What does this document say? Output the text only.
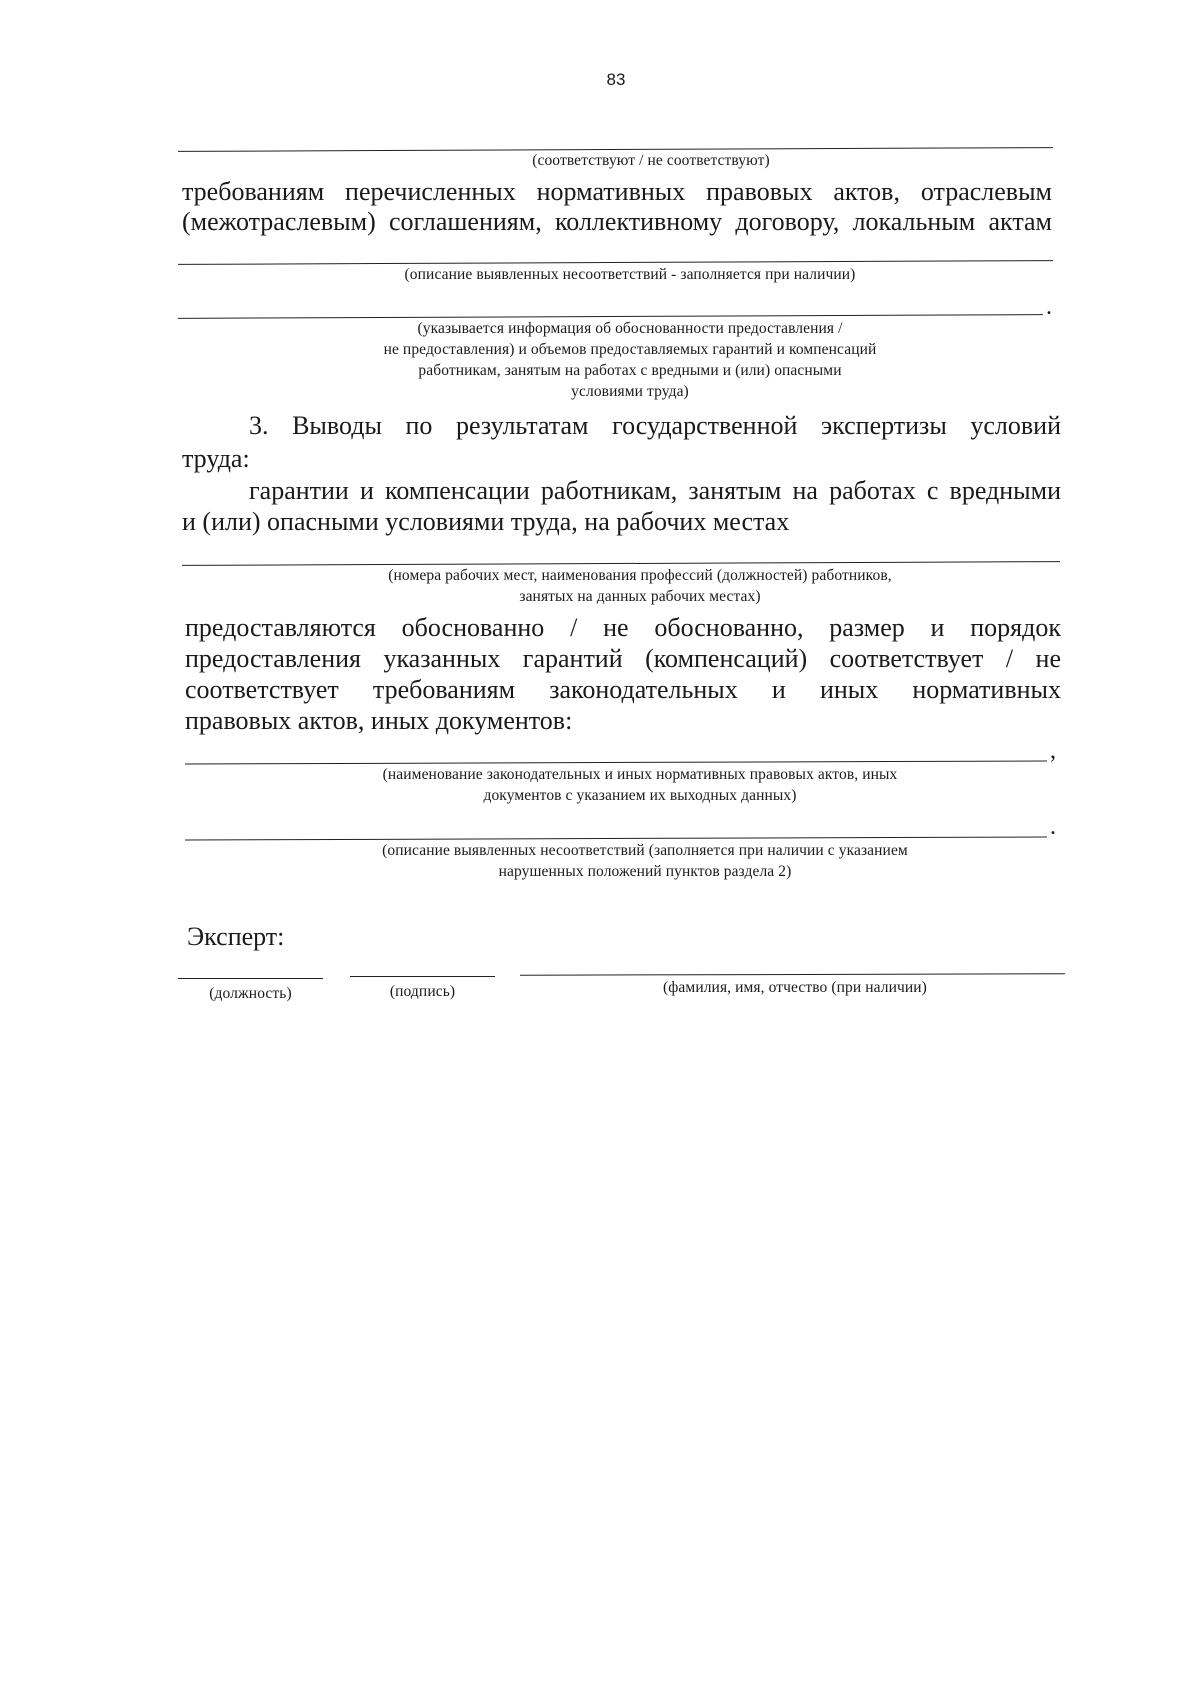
83
(соответствуют / не соответствуют)
требованиям перечисленных нормативных правовых актов, отраслевым
(межотраслевым) соглашениям, коллективному договору, локальным актам
(описание выявленных несоответствий - заполняется при наличии)
.
(указывается информация об обоснованности предоставления /
не предоставления) и объемов предоставляемых гарантий и компенсаций
работникам, занятым на работах с вредными и (или) опасными
условиями труда)
3. Выводы по результатам государственной экспертизы условий
труда:
гарантии и компенсации работникам, занятым на работах с вредными
и (или) опасными условиями труда, на рабочих местах
(номера рабочих мест, наименования профессий (должностей) работников,
занятых на данных рабочих местах)
предоставляются обоснованно / не обоснованно, размер и порядок
предоставления указанных гарантий (компенсаций) соответствует / не
соответствует требованиям законодательных и иных нормативных
правовых актов, иных документов:
,
(наименование законодательных и иных нормативных правовых актов, иных
документов с указанием их выходных данных)
.
(описание выявленных несоответствий (заполняется при наличии с указанием
нарушенных положений пунктов раздела 2)
Эксперт:
(должность)	(подпись)	(фамилия, имя, отчество (при наличии)
